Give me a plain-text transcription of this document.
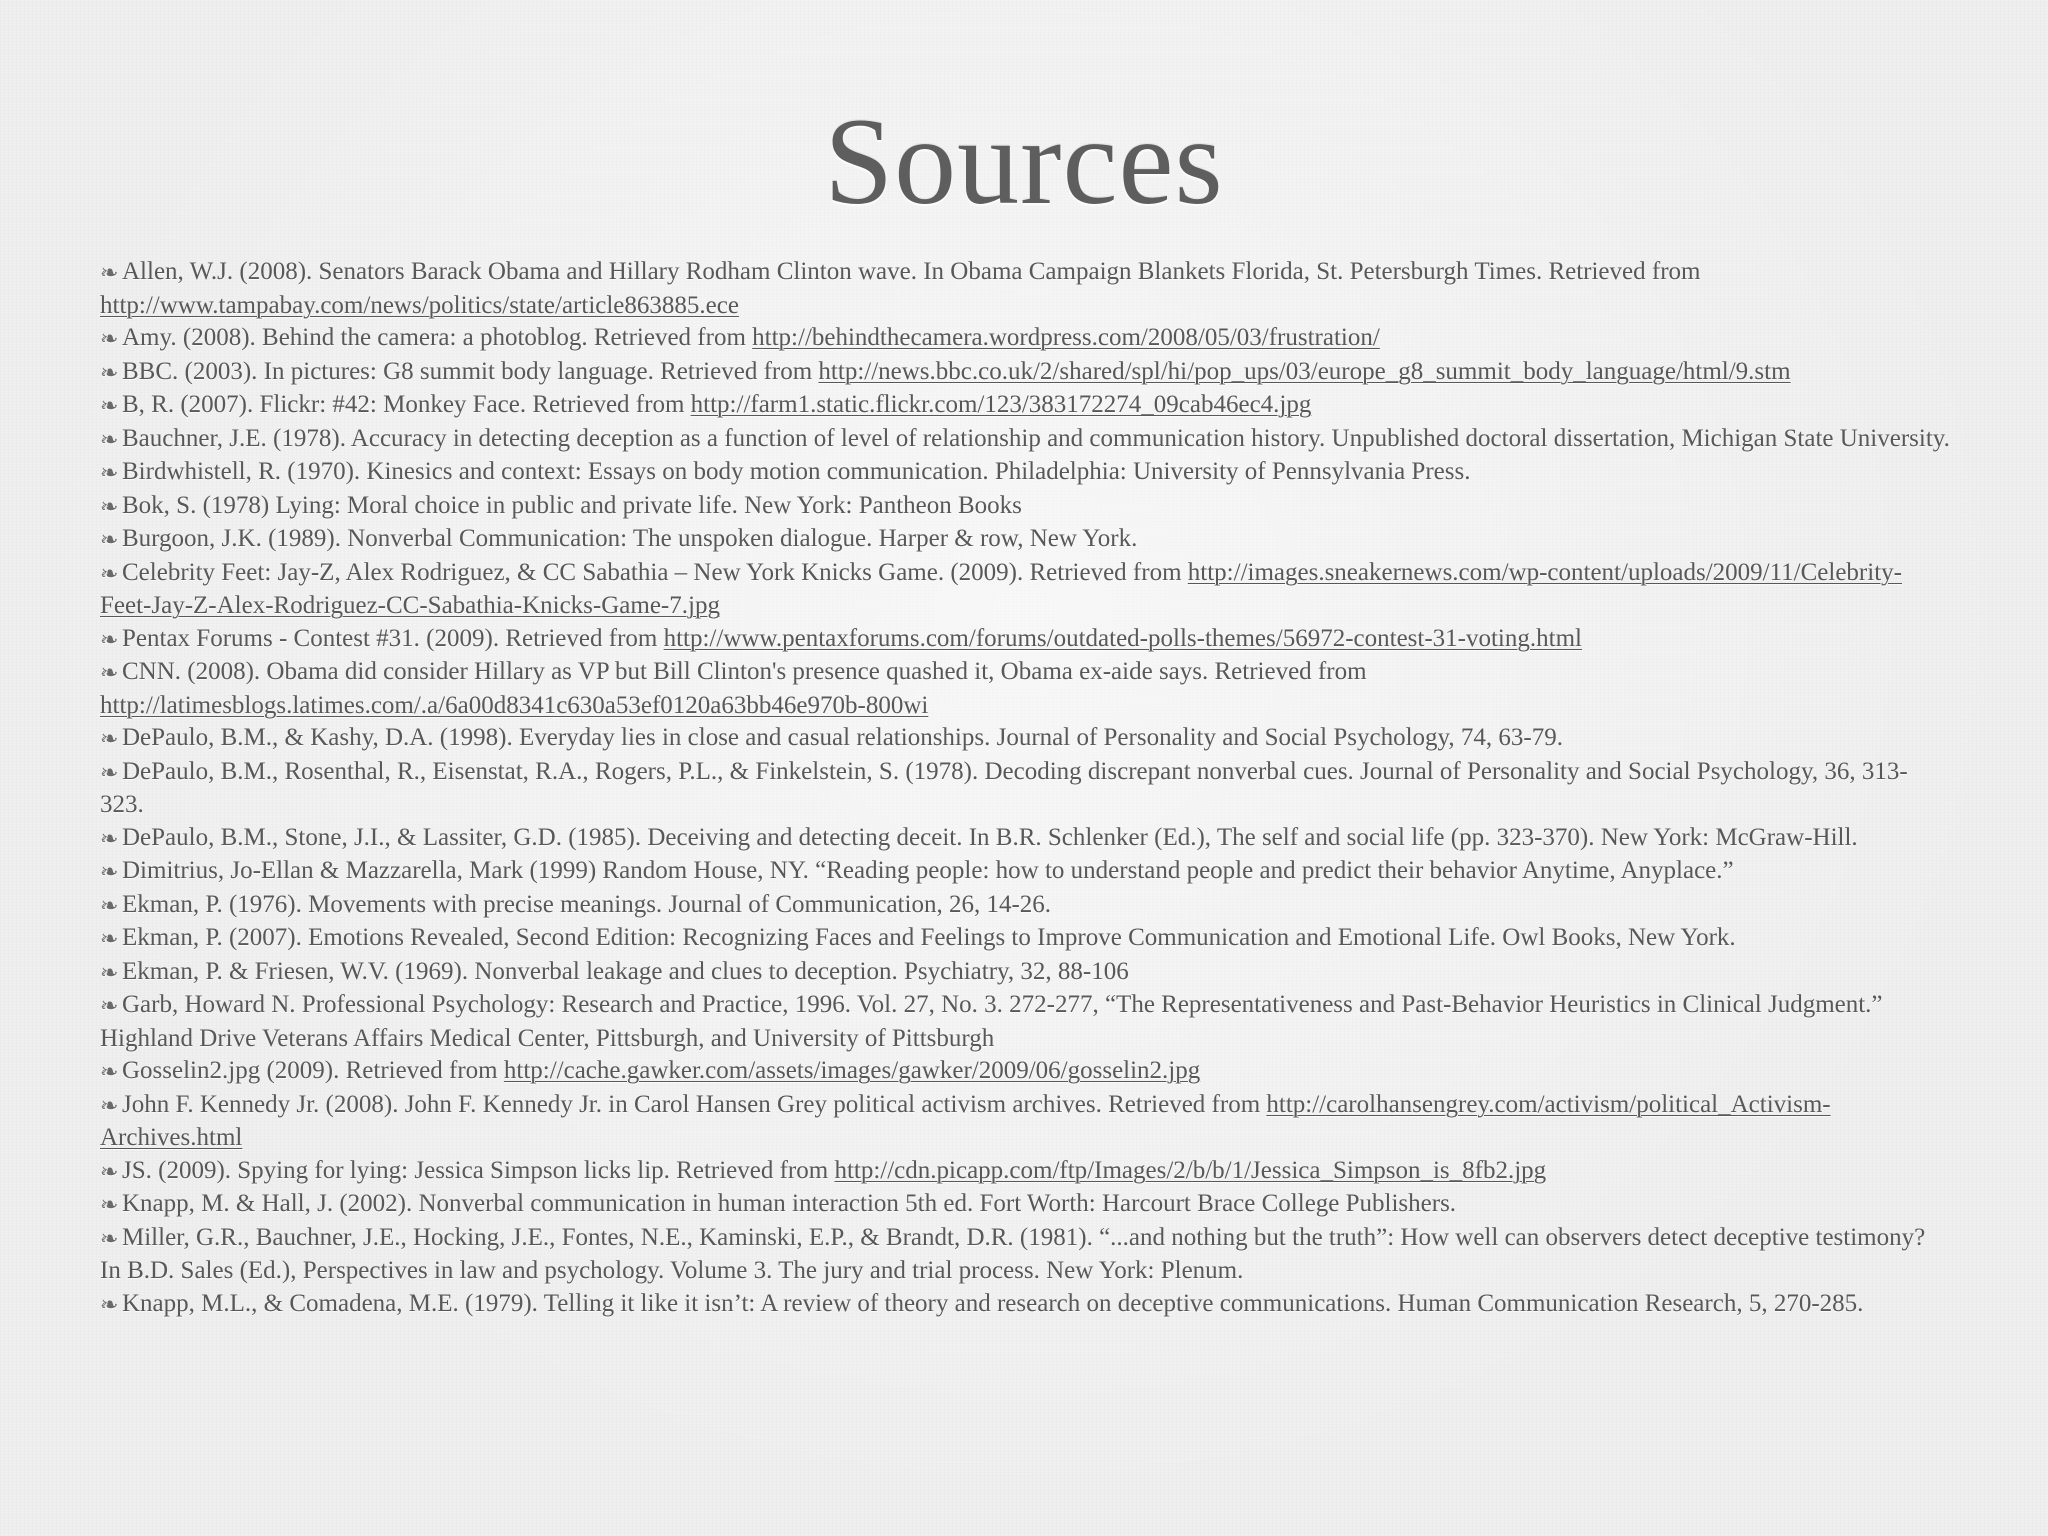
Sources
❧ Allen, W.J. (2008). Senators Barack Obama and Hillary Rodham Clinton wave. In Obama Campaign Blankets Florida, St. Petersburgh Times. Retrieved from http://www.tampabay.com/news/politics/state/article863885.ece
❧ Amy. (2008). Behind the camera: a photoblog. Retrieved from http://behindthecamera.wordpress.com/2008/05/03/frustration/
❧ BBC. (2003). In pictures: G8 summit body language. Retrieved from http://news.bbc.co.uk/2/shared/spl/hi/pop_ups/03/europe_g8_summit_body_language/html/9.stm
❧ B, R. (2007). Flickr: #42: Monkey Face. Retrieved from http://farm1.static.flickr.com/123/383172274_09cab46ec4.jpg
❧ Bauchner, J.E. (1978). Accuracy in detecting deception as a function of level of relationship and communication history. Unpublished doctoral dissertation, Michigan State University.
❧ Birdwhistell, R. (1970). Kinesics and context: Essays on body motion communication. Philadelphia: University of Pennsylvania Press.
❧ Bok, S. (1978) Lying: Moral choice in public and private life. New York: Pantheon Books
❧ Burgoon, J.K. (1989). Nonverbal Communication: The unspoken dialogue. Harper & row, New York.
❧ Celebrity Feet: Jay-Z, Alex Rodriguez, & CC Sabathia – New York Knicks Game. (2009). Retrieved from http://images.sneakernews.com/wp-content/uploads/2009/11/Celebrity-Feet-Jay-Z-Alex-Rodriguez-CC-Sabathia-Knicks-Game-7.jpg
❧ Pentax Forums - Contest #31. (2009). Retrieved from http://www.pentaxforums.com/forums/outdated-polls-themes/56972-contest-31-voting.html
❧ CNN. (2008). Obama did consider Hillary as VP but Bill Clinton's presence quashed it, Obama ex-aide says. Retrieved from http://latimesblogs.latimes.com/.a/6a00d8341c630a53ef0120a63bb46e970b-800wi
❧ DePaulo, B.M., & Kashy, D.A. (1998). Everyday lies in close and casual relationships. Journal of Personality and Social Psychology, 74, 63-79.
❧ DePaulo, B.M., Rosenthal, R., Eisenstat, R.A., Rogers, P.L., & Finkelstein, S. (1978). Decoding discrepant nonverbal cues. Journal of Personality and Social Psychology, 36, 313-323.
❧ DePaulo, B.M., Stone, J.I., & Lassiter, G.D. (1985). Deceiving and detecting deceit. In B.R. Schlenker (Ed.), The self and social life (pp. 323-370). New York: McGraw-Hill.
❧ Dimitrius, Jo-Ellan & Mazzarella, Mark (1999) Random House, NY. “Reading people: how to understand people and predict their behavior Anytime, Anyplace.”
❧ Ekman, P. (1976). Movements with precise meanings. Journal of Communication, 26, 14-26.
❧ Ekman, P. (2007). Emotions Revealed, Second Edition: Recognizing Faces and Feelings to Improve Communication and Emotional Life. Owl Books, New York.
❧ Ekman, P. & Friesen, W.V. (1969). Nonverbal leakage and clues to deception. Psychiatry, 32, 88-106
❧ Garb, Howard N. Professional Psychology: Research and Practice, 1996. Vol. 27, No. 3. 272-277, “The Representativeness and Past-Behavior Heuristics in Clinical Judgment.” Highland Drive Veterans Affairs Medical Center, Pittsburgh, and University of Pittsburgh
❧ Gosselin2.jpg (2009). Retrieved from http://cache.gawker.com/assets/images/gawker/2009/06/gosselin2.jpg
❧ John F. Kennedy Jr. (2008). John F. Kennedy Jr. in Carol Hansen Grey political activism archives. Retrieved from http://carolhansengrey.com/activism/political_Activism-Archives.html
❧ JS. (2009). Spying for lying: Jessica Simpson licks lip. Retrieved from http://cdn.picapp.com/ftp/Images/2/b/b/1/Jessica_Simpson_is_8fb2.jpg
❧ Knapp, M. & Hall, J. (2002). Nonverbal communication in human interaction 5th ed. Fort Worth: Harcourt Brace College Publishers.
❧ Miller, G.R., Bauchner, J.E., Hocking, J.E., Fontes, N.E., Kaminski, E.P., & Brandt, D.R. (1981). “...and nothing but the truth”: How well can observers detect deceptive testimony? In B.D. Sales (Ed.), Perspectives in law and psychology. Volume 3. The jury and trial process. New York: Plenum.
❧ Knapp, M.L., & Comadena, M.E. (1979). Telling it like it isn’t: A review of theory and research on deceptive communications. Human Communication Research, 5, 270-285.
